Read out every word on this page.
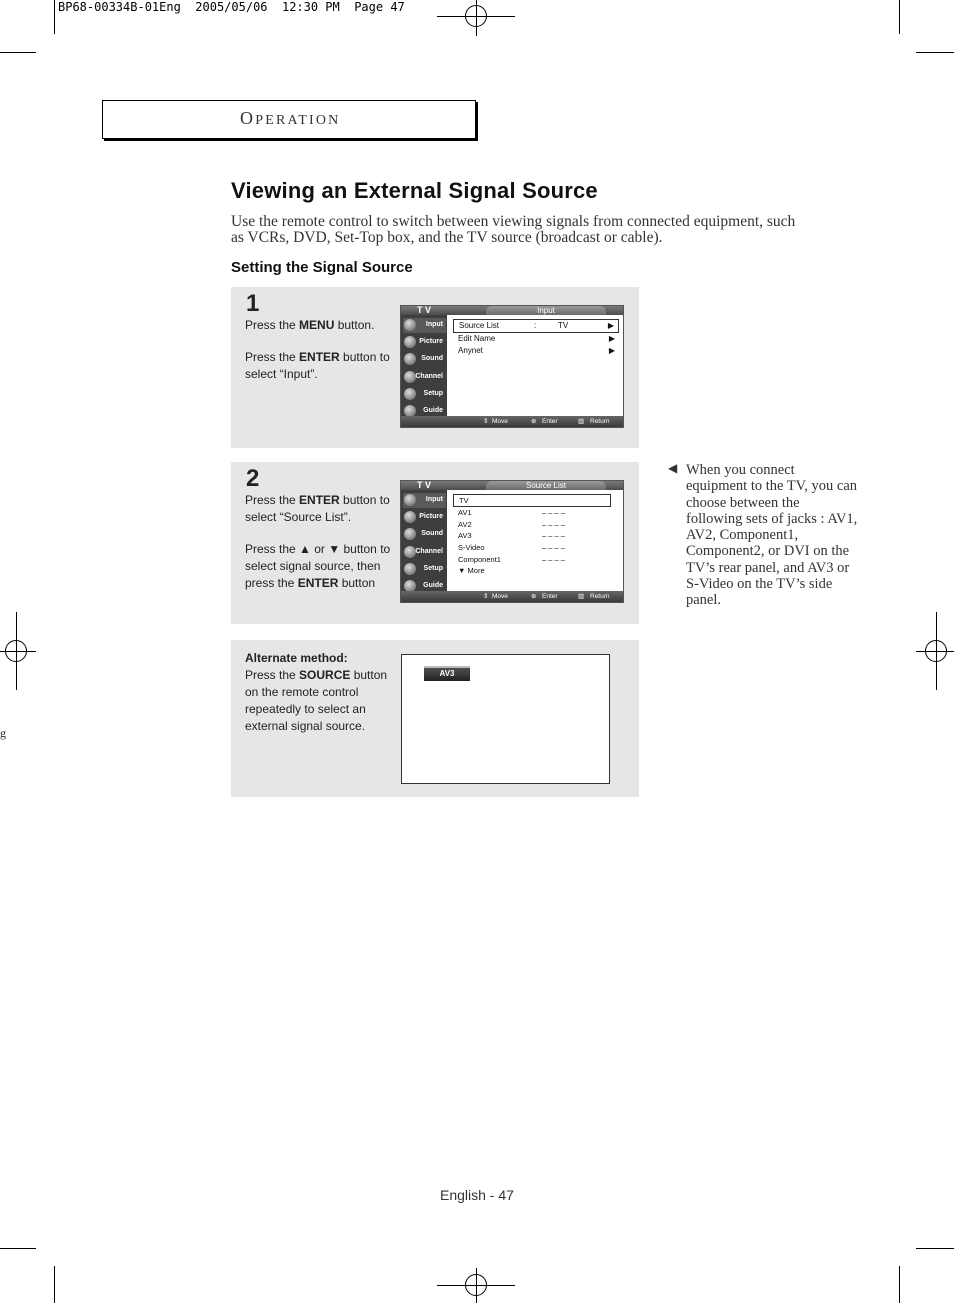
BP68-00334B-01Eng  2005/05/06  12:30 PM  Page 47
g
OPERATION
Viewing an External Signal Source
Use the remote control to switch between viewing signals from connected equipment, such as VCRs, DVD, Set-Top box, and the TV source (broadcast or cable).
Setting the Signal Source
1
Press the MENU button.
Press the ENTER button to
select “Input”.
T V	Input
Input
Picture
Sound
Channel
Setup
Guide
Source List	:	TV	▶
Edit Name	▶
Anynet	▶
⇕ Move	⊕ Enter	▥ Return
2
Press the ENTER button to
select “Source List”.
Press the ▲ or ▼ button to
select signal source, then
press the ENTER button
T V	Source List
Input
Picture
Sound
Channel
Setup
Guide
TV
AV1	– – – –
AV2	– – – –
AV3	– – – –
S-Video	– – – –
Component1	– – – –
▼ More
⇕ Move	⊕ Enter	▥ Return
Alternate method:
Press the SOURCE button
on the remote control
repeatedly to select an
external signal source.
AV3
◀ When you connect equipment to the TV, you can choose between the following sets of jacks : AV1, AV2, Component1, Component2, or DVI on the TV’s rear panel, and AV3 or S-Video on the TV’s side panel.
English - 47
